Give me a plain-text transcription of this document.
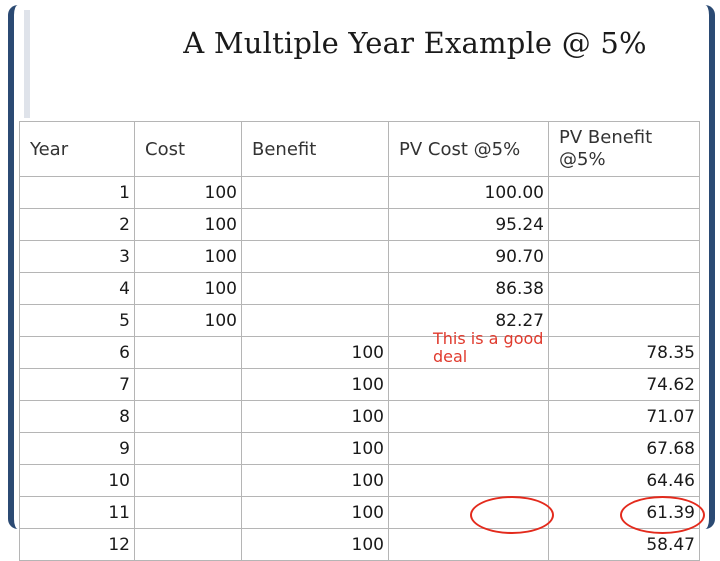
A Multiple Year Example @ 5%
Year	Cost	Benefit	PV Cost @5%	PV Benefit @5%
1	100		100.00	
2	100		95.24	
3	100		90.70	
4	100		86.38	
5	100		82.27	
6		100		78.35
7		100		74.62
8		100		71.07
9		100		67.68
10		100		64.46
11		100		61.39
12		100		58.47
This is a good deal
